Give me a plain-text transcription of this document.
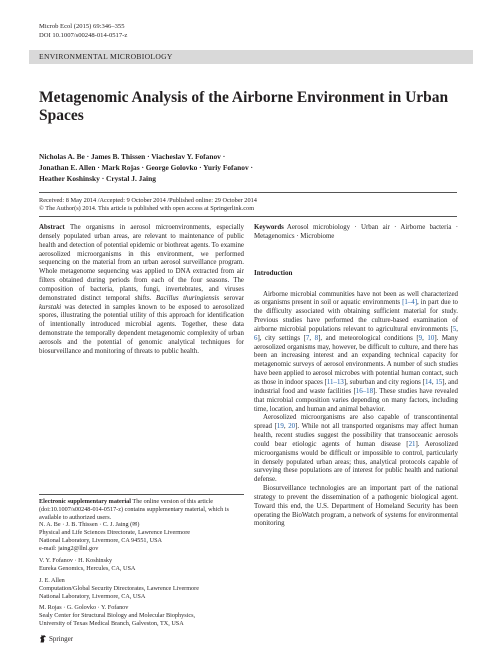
Microb Ecol (2015) 69:346–355
DOI 10.1007/s00248-014-0517-z
ENVIRONMENTAL MICROBIOLOGY
Metagenomic Analysis of the Airborne Environment in Urban Spaces
Nicholas A. Be · James B. Thissen · Viacheslav Y. Fofanov ·
Jonathan E. Allen · Mark Rojas · George Golovko · Yuriy Fofanov ·
Heather Koshinsky · Crystal J. Jaing
Received: 8 May 2014 /Accepted: 9 October 2014 /Published online: 29 October 2014
© The Author(s) 2014. This article is published with open access at Springerlink.com
Abstract The organisms in aerosol microenvironments, especially densely populated urban areas, are relevant to maintenance of public health and detection of potential epidemic or biothreat agents. To examine aerosolized microorganisms in this environment, we performed sequencing on the material from an urban aerosol surveillance program. Whole metagenome sequencing was applied to DNA extracted from air filters obtained during periods from each of the four seasons. The composition of bacteria, plants, fungi, invertebrates, and viruses demonstrated distinct temporal shifts. Bacillus thuringiensis serovar kurstaki was detected in samples known to be exposed to aerosolized spores, illustrating the potential utility of this approach for identification of intentionally introduced microbial agents. Together, these data demonstrate the temporally dependent metagenomic complexity of urban aerosols and the potential of genomic analytical techniques for biosurveillance and monitoring of threats to public health.
Electronic supplementary material The online version of this article (doi:10.1007/s00248-014-0517-z) contains supplementary material, which is available to authorized users.
N. A. Be · J. B. Thissen · C. J. Jaing (✉)
Physical and Life Sciences Directorate, Lawrence Livermore
National Laboratory, Livermore, CA 94551, USA
e-mail: jaing2@llnl.gov
V. Y. Fofanov · H. Koshinsky
Eureka Genomics, Hercules, CA, USA
J. E. Allen
Computation/Global Security Directorates, Lawrence Livermore
National Laboratory, Livermore, CA, USA
M. Rojas · G. Golovko · Y. Fofanov
Sealy Center for Structural Biology and Molecular Biophysics,
University of Texas Medical Branch, Galveston, TX, USA
Keywords Aerosol microbiology · Urban air · Airborne bacteria · Metagenomics · Microbiome
Introduction
Airborne microbial communities have not been as well characterized as organisms present in soil or aquatic environments [1–4], in part due to the difficulty associated with obtaining sufficient material for study. Previous studies have performed the culture-based examination of airborne microbial populations relevant to agricultural environments [5, 6], city settings [7, 8], and meteorological conditions [9, 10]. Many aerosolized organisms may, however, be difficult to culture, and there has been an increasing interest and an expanding technical capacity for metagenomic surveys of aerosol environments. A number of such studies have been applied to aerosol microbes with potential human contact, such as those in indoor spaces [11–13], suburban and city regions [14, 15], and industrial food and waste facilities [16–18]. These studies have revealed that microbial composition varies depending on many factors, including time, location, and human and animal behavior.
Aerosolized microorganisms are also capable of transcontinental spread [19, 20]. While not all transported organisms may affect human health, recent studies suggest the possibility that transoceanic aerosols could bear etiologic agents of human disease [21]. Aerosolized microorganisms would be difficult or impossible to control, particularly in densely populated urban areas; thus, analytical protocols capable of surveying these populations are of interest for public health and national defense.
Biosurveillance technologies are an important part of the national strategy to prevent the dissemination of a pathogenic biological agent. Toward this end, the U.S. Department of Homeland Security has been operating the BioWatch program, a network of systems for environmental monitoring
Springer
